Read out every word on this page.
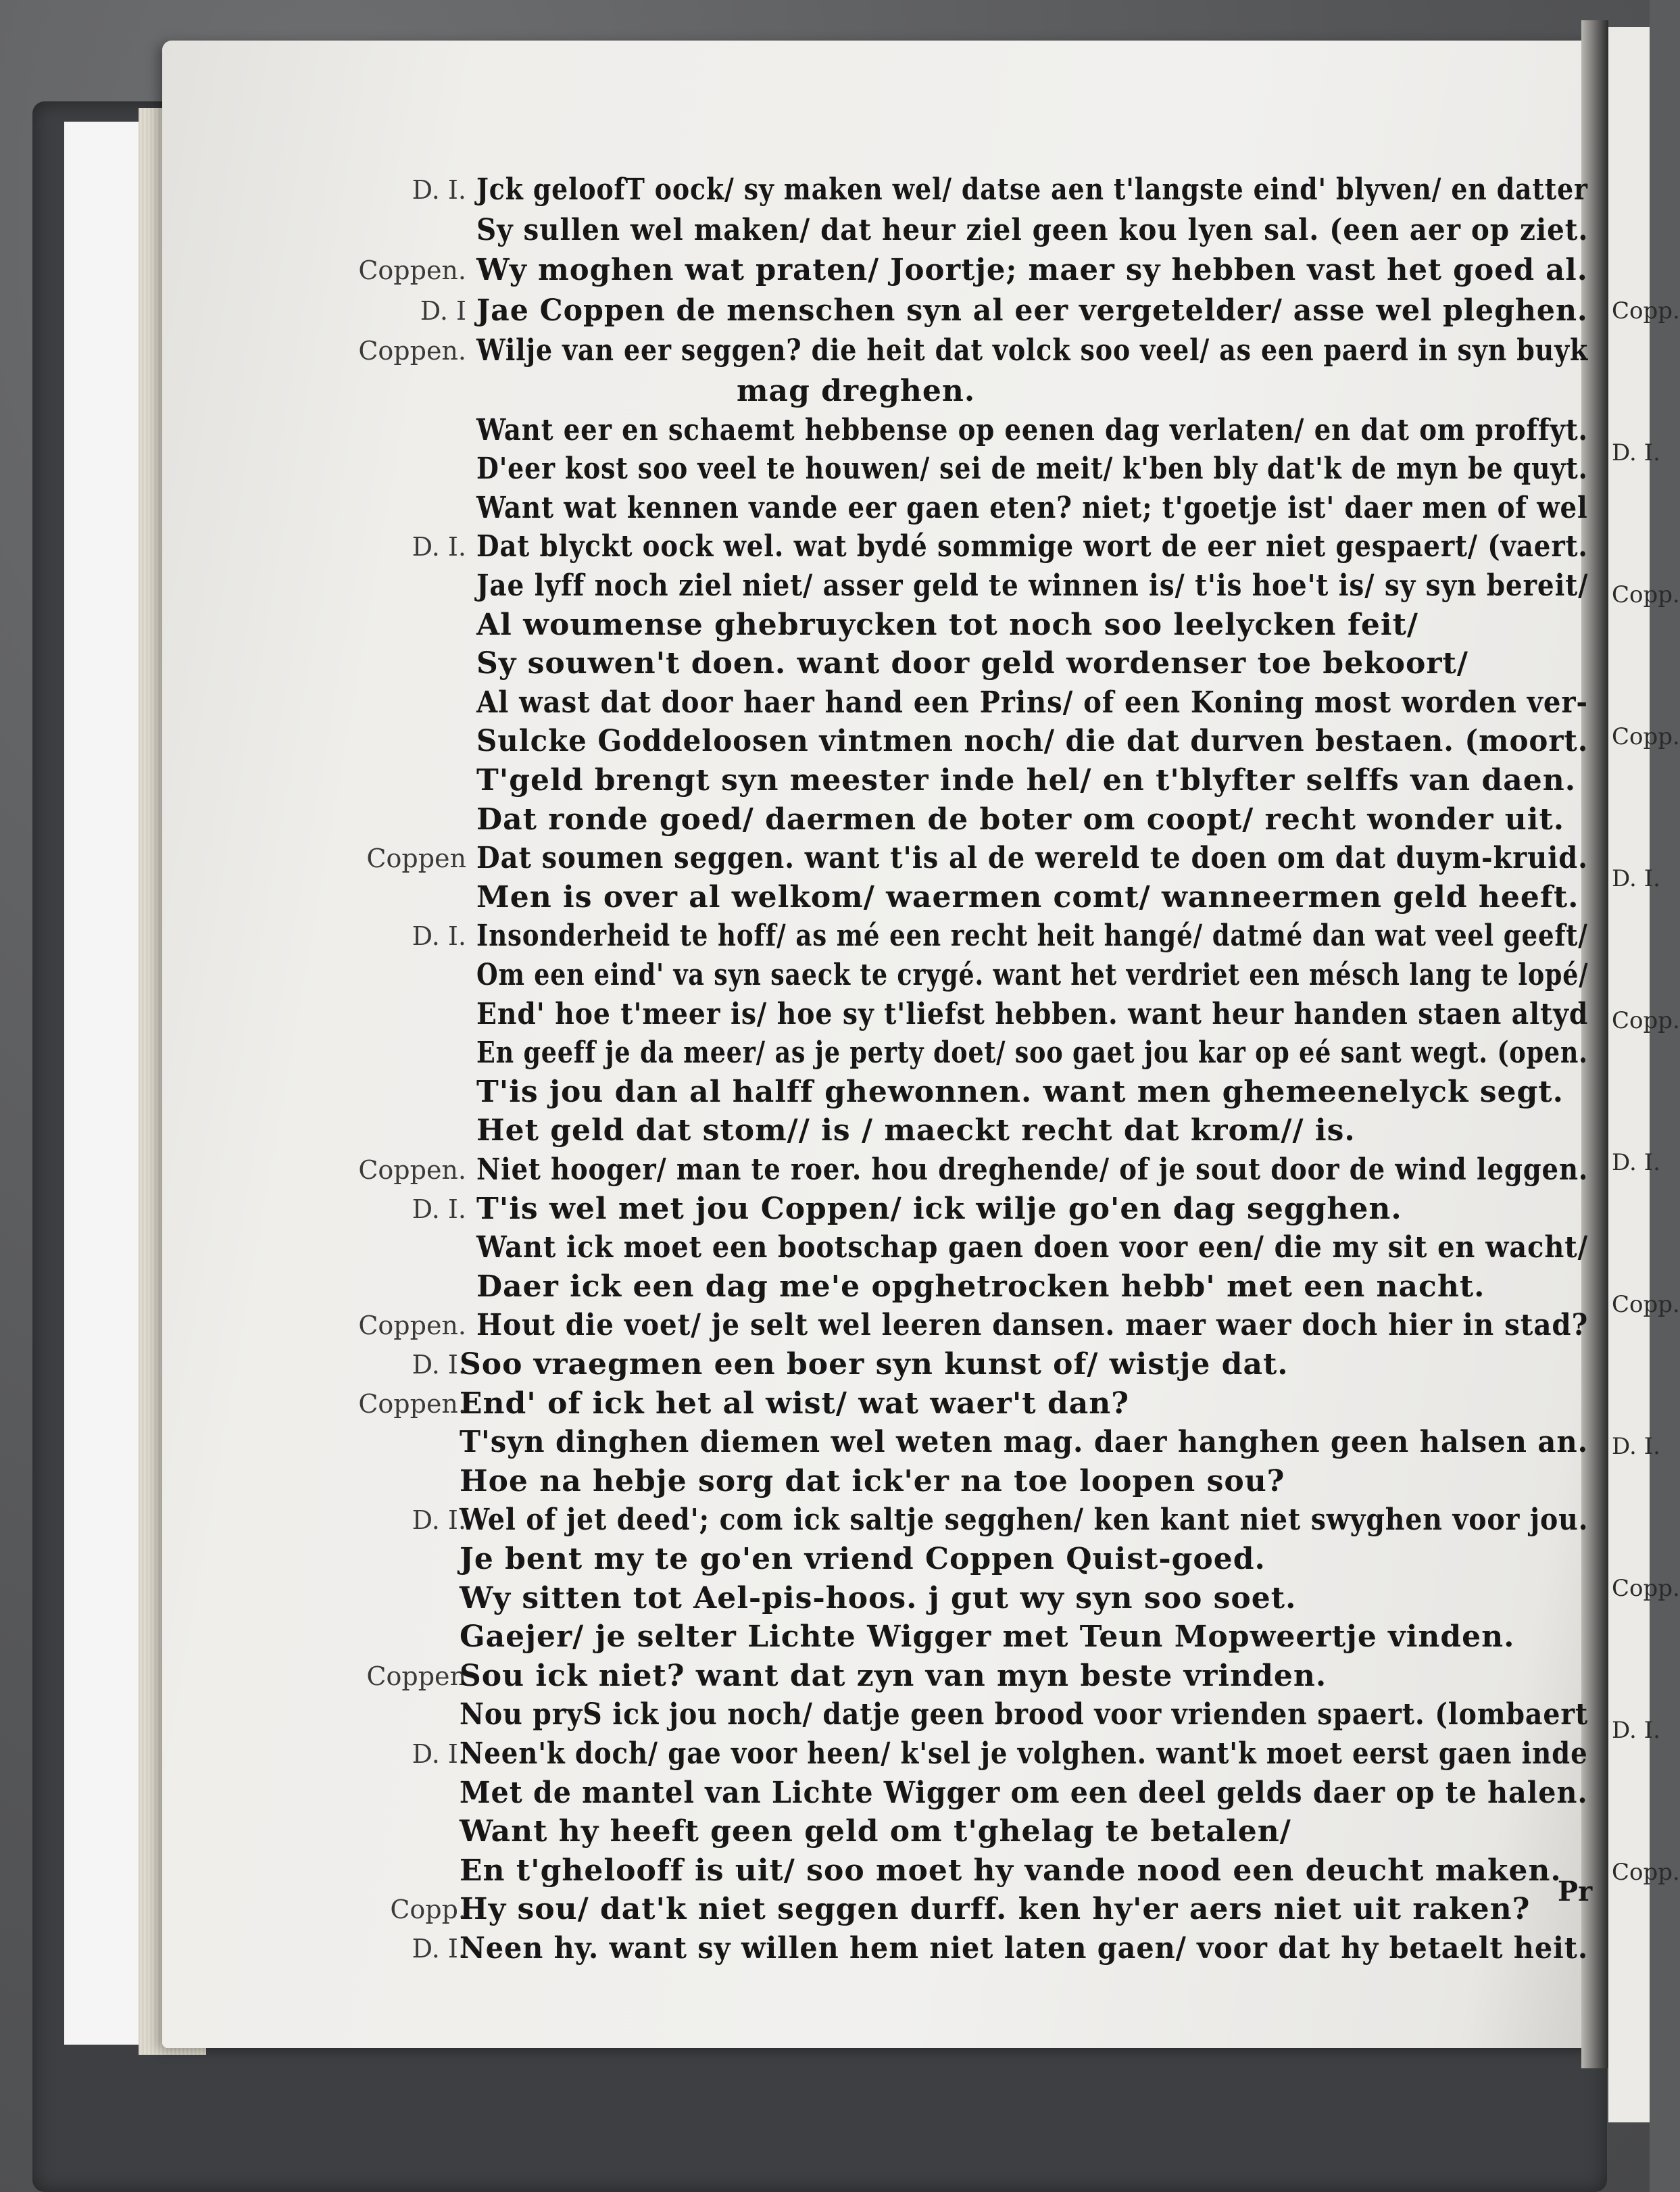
Copp.
D. I.
Copp.
Copp.
D. I.
Copp.
D. I.
Copp.
D. I.
Copp.
D. I.
Copp.
D. I. Jck geloofT oock/ sy maken wel/ datse aen t'langste eind' blyven/ en datter
Sy sullen wel maken/ dat heur ziel geen kou lyen sal. (een aer op ziet.
Coppen. Wy moghen wat praten/ Joortje; maer sy hebben vast het goed al.
D. I Jae Coppen de menschen syn al eer vergetelder/ asse wel pleghen.
Coppen. Wilje van eer seggen? die heit dat volck soo veel/ as een paerd in syn buyk
mag dreghen.
Want eer en schaemt hebbense op eenen dag verlaten/ en dat om proffyt.
D'eer kost soo veel te houwen/ sei de meit/ k'ben bly dat'k de myn be quyt.
Want wat kennen vande eer gaen eten? niet; t'goetje ist' daer men of wel
D. I. Dat blyckt oock wel. wat bydé sommige wort de eer niet gespaert/ (vaert.
Jae lyff noch ziel niet/ asser geld te winnen is/ t'is hoe't is/ sy syn bereit/
Al woumense ghebruycken tot noch soo leelycken feit/
Sy souwen't doen. want door geld wordenser toe bekoort/
Al wast dat door haer hand een Prins/ of een Koning most worden ver-
Sulcke Goddeloosen vintmen noch/ die dat durven bestaen. (moort.
T'geld brengt syn meester inde hel/ en t'blyfter selffs van daen.
Dat ronde goed/ daermen de boter om coopt/ recht wonder uit.
Coppen Dat soumen seggen. want t'is al de wereld te doen om dat duym-kruid.
Men is over al welkom/ waermen comt/ wanneermen geld heeft.
D. I. Insonderheid te hoff/ as mé een recht heit hangé/ datmé dan wat veel geeft/
Om een eind' va syn saeck te crygé. want het verdriet een mésch lang te lopé/
End' hoe t'meer is/ hoe sy t'liefst hebben. want heur handen staen altyd
En geeff je da meer/ as je perty doet/ soo gaet jou kar op eé sant wegt. (open.
T'is jou dan al halff ghewonnen. want men ghemeenelyck segt.
Het geld dat stom// is / maeckt recht dat krom// is.
Coppen. Niet hooger/ man te roer. hou dreghende/ of je sout door de wind leggen.
D. I. T'is wel met jou Coppen/ ick wilje go'en dag segghen.
Want ick moet een bootschap gaen doen voor een/ die my sit en wacht/
Daer ick een dag me'e opghetrocken hebb' met een nacht.
Coppen. Hout die voet/ je selt wel leeren dansen. maer waer doch hier in stad?
D. I.
Soo vraegmen een boer syn kunst of/ wistje dat.
Coppen.
End' of ick het al wist/ wat waer't dan?
T'syn dinghen diemen wel weten mag. daer hanghen geen halsen an.
Hoe na hebje sorg dat ick'er na toe loopen sou?
D. I.
Wel of jet deed'; com ick saltje segghen/ ken kant niet swyghen voor jou.
Je bent my te go'en vriend Coppen Quist-goed.
Wy sitten tot Ael-pis-hoos. j gut wy syn soo soet.
Gaejer/ je selter Lichte Wigger met Teun Mopweertje vinden.
Coppen
Sou ick niet? want dat zyn van myn beste vrinden.
Nou pryS ick jou noch/ datje geen brood voor vrienden spaert. (lombaert
D. I.
Neen'k doch/ gae voor heen/ k'sel je volghen. want'k moet eerst gaen inde
Met de mantel van Lichte Wigger om een deel gelds daer op te halen.
Want hy heeft geen geld om t'ghelag te betalen/
En t'ghelooff is uit/ soo moet hy vande nood een deucht maken.
Copp.
Hy sou/ dat'k niet seggen durff. ken hy'er aers niet uit raken?
D. I.
Neen hy. want sy willen hem niet laten gaen/ voor dat hy betaelt heit.
Pr
